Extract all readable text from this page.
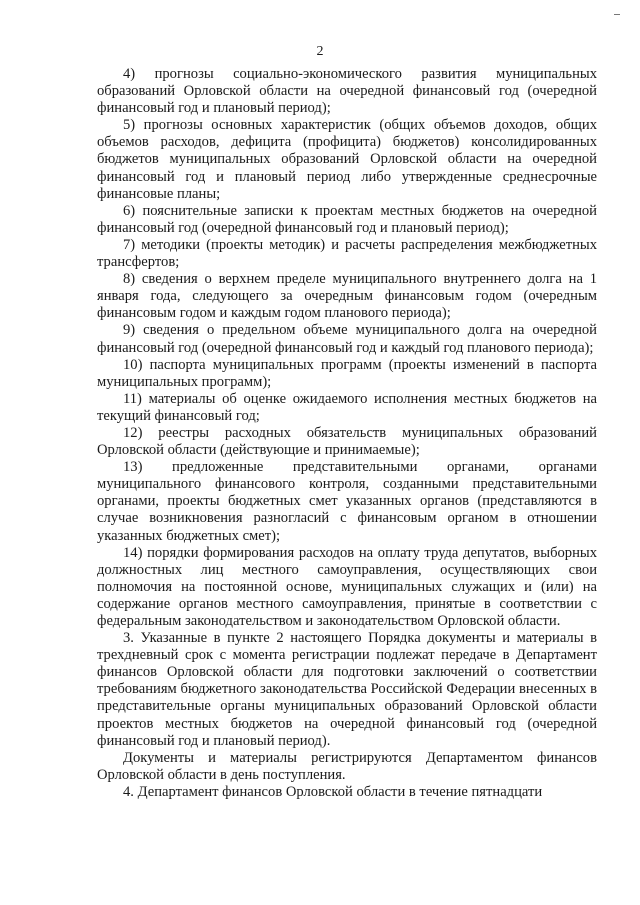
2

4) прогнозы социально-экономического развития муниципальных образований Орловской области на очередной финансовый год (очередной финансовый год и плановый период);

5) прогнозы основных характеристик (общих объемов доходов, общих объемов расходов, дефицита (профицита) бюджетов) консолидированных бюджетов муниципальных образований Орловской области на очередной финансовый год и плановый период либо утвержденные среднесрочные финансовые планы;

6) пояснительные записки к проектам местных бюджетов на очередной финансовый год (очередной финансовый год и плановый период);

7) методики (проекты методик) и расчеты распределения межбюджетных трансфертов;

8) сведения о верхнем пределе муниципального внутреннего долга на 1 января года, следующего за очередным финансовым годом (очередным финансовым годом и каждым годом планового периода);

9) сведения о предельном объеме муниципального долга на очередной финансовый год (очередной финансовый год и каждый год планового периода);

10) паспорта муниципальных программ (проекты изменений в паспорта муниципальных программ);

11) материалы об оценке ожидаемого исполнения местных бюджетов на текущий финансовый год;

12) реестры расходных обязательств муниципальных образований Орловской области (действующие и принимаемые);

13) предложенные представительными органами, органами муниципального финансового контроля, созданными представительными органами, проекты бюджетных смет указанных органов (представляются в случае возникновения разногласий с финансовым органом в отношении указанных бюджетных смет);

14) порядки формирования расходов на оплату труда депутатов, выборных должностных лиц местного самоуправления, осуществляющих свои полномочия на постоянной основе, муниципальных служащих и (или) на содержание органов местного самоуправления, принятые в соответствии с федеральным законодательством и законодательством Орловской области.

3. Указанные в пункте 2 настоящего Порядка документы и материалы в трехдневный срок с момента регистрации подлежат передаче в Департамент финансов Орловской области для подготовки заключений о соответствии требованиям бюджетного законодательства Российской Федерации внесенных в представительные органы муниципальных образований Орловской области проектов местных бюджетов на очередной финансовый год (очередной финансовый год и плановый период).

Документы и материалы регистрируются Департаментом финансов Орловской области в день поступления.

4. Департамент финансов Орловской области в течение пятнадцати
